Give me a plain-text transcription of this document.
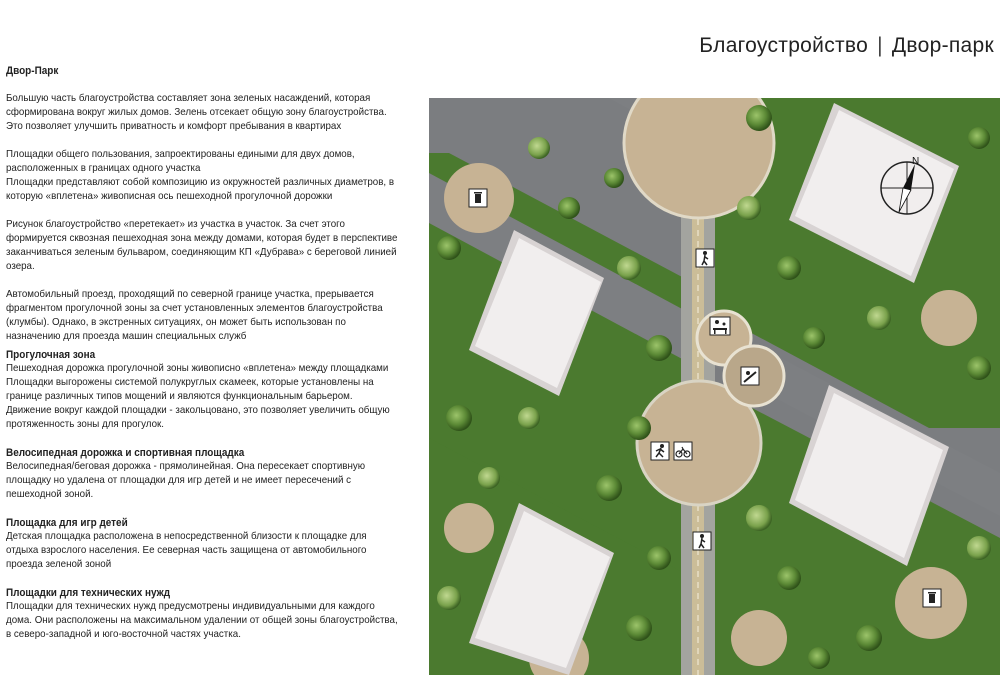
Благоустройство | Двор-парк
Двор-Парк

Большую часть благоустройства составляет зона зеленых насаждений, которая сформирована вокруг жилых домов. Зелень отсекает общую зону благоустройства. Это позволяет улучшить приватность и комфорт пребывания в квартирах

Площадки общего пользования, запроектированы едиными для двух домов, расположенных в границах одного участка
Площадки представляют собой композицию из окружностей различных диаметров, в которую «вплетена» живописная ось пешеходной прогулочной дорожки

Рисунок благоустройство «перетекает» из участка в участок. За счет этого формируется сквозная пешеходная зона между домами, которая будет в перспективе заканчиваться зеленым бульваром, соединяющим КП «Дубрава» с береговой линией озера.

Автомобильный проезд, проходящий по северной границе участка, прерывается фрагментом прогулочной зоны за счет установленных элементов благоустройства (клумбы). Однако, в экстренных ситуациях, он может быть использован по назначению для проезда машин специальных служб

Прогулочная зона

Пешеходная дорожка прогулочной зоны живописно «вплетена» между площадками
Площадки выгорожены системой полукруглых скамеек, которые установлены на границе различных типов мощений и являются функциональным барьером.
Движение вокруг каждой площадки - закольцовано, это позволяет увеличить общую протяженность зоны для прогулок.

Велосипедная дорожка и спортивная площадка

Велосипедная/беговая дорожка - прямолинейная. Она пересекает спортивную площадку но удалена от площадки для игр детей и не имеет пересечений с пешеходной зоной.

Площадка для игр детей

Детская площадка расположена в непосредственной близости к площадке для отдыха взрослого населения. Ее северная часть защищена от автомобильного проезда зеленой зоной

Площадки для технических нужд

Площадки для технических нужд предусмотрены индивидуальными для каждого дома. Они расположены на максимальном удалении от общей зоны благоустройства, в северо-западной и юго-восточной частях участка.

N
